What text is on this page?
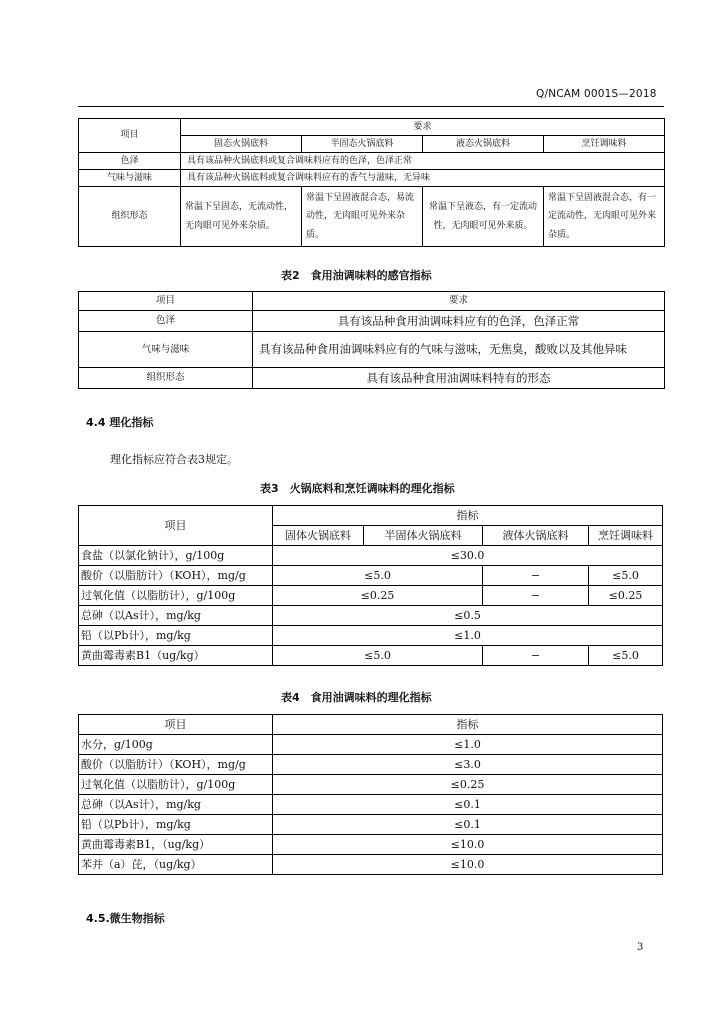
Q/NCAM 0001S—2018
项目	要求			
	固态火锅底料	半固态火锅底料	液态火锅底料	烹饪调味料
色泽	具有该品种火锅底料或复合调味料应有的色泽，色泽正常			
气味与滋味	具有该品种火锅底料或复合调味料应有的香气与滋味，无异味			
组织形态	常温下呈固态，无流动性，无肉眼可见外来杂质。	常温下呈固液混合态，易流动性，无肉眼可见外来杂质。	常温下呈液态，有一定流动性，无肉眼可见外来质。	常温下呈固液混合态，有一定流动性，无肉眼可见外来杂质。
表2　食用油调味料的感官指标
项目	要求
色泽	具有该品种食用油调味料应有的色泽，色泽正常
气味与滋味	具有该品种食用油调味料应有的气味与滋味，无焦臭，酸败以及其他异味
组织形态	具有该品种食用油调味料特有的形态
4.4 理化指标
理化指标应符合表3规定。
表3　火锅底料和烹饪调味料的理化指标
项目	指标			
	固体火锅底料	半固体火锅底料	液体火锅底料	烹饪调味料
食盐（以氯化钠计），g/100g	≤30.0			
酸价（以脂肪计）（KOH），mg/g	≤5.0		−	≤5.0
过氧化值（以脂肪计），g/100g	≤0.25		−	≤0.25
总砷（以As计），mg/kg	≤0.5			
铅（以Pb计），mg/kg	≤1.0			
黄曲霉毒素B1（ug/kg）	≤5.0		−	≤5.0
表4　食用油调味料的理化指标
项目	指标
水分，g/100g	≤1.0
酸价（以脂肪计）（KOH），mg/g	≤3.0
过氧化值（以脂肪计），g/100g	≤0.25
总砷（以As计），mg/kg	≤0.1
铅（以Pb计），mg/kg	≤0.1
黄曲霉毒素B1，（ug/kg）	≤10.0
苯并（a）芘，（ug/kg）	≤10.0
4.5.微生物指标
3
